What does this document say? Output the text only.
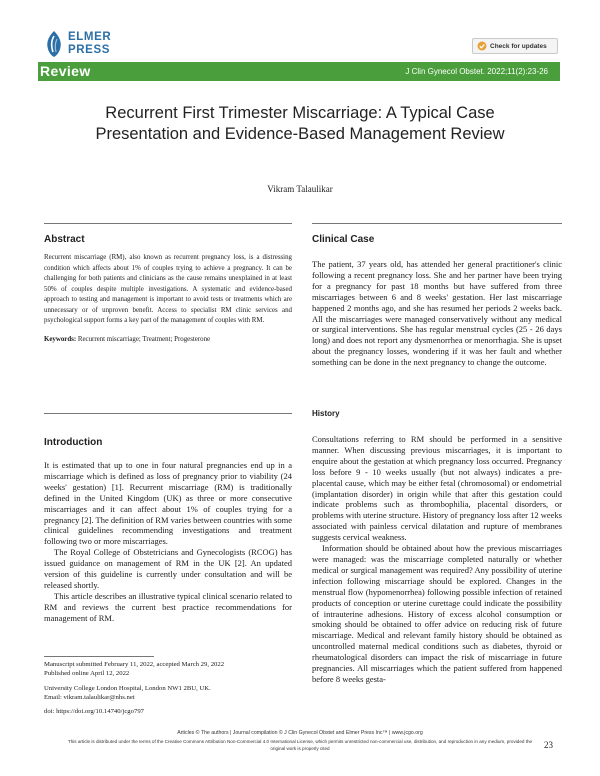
ELMER
PRESS	Check for updates
Review	J Clin Gynecol Obstet. 2022;11(2):23-26
Recurrent First Trimester Miscarriage: A Typical Case Presentation and Evidence-Based Management Review
Vikram Talaulikar
Abstract

Recurrent miscarriage (RM), also known as recurrent pregnancy loss, is a distressing condition which affects about 1% of couples trying to achieve a pregnancy. It can be challenging for both patients and clinicians as the cause remains unexplained in at least 50% of couples despite multiple investigations. A systematic and evidence-based approach to testing and management is important to avoid tests or treatments which are unnecessary or of unproven benefit. Access to specialist RM clinic services and psychological support forms a key part of the management of couples with RM.

Keywords: Recurrent miscarriage; Treatment; Progesterone

Introduction

It is estimated that up to one in four natural pregnancies end up in a miscarriage which is defined as loss of pregnancy prior to viability (24 weeks' gestation) [1]. Recurrent miscarriage (RM) is traditionally defined in the United Kingdom (UK) as three or more consecutive miscarriages and it can affect about 1% of couples trying for a pregnancy [2]. The definition of RM varies between countries with some clinical guidelines recommending investigations and treatment following two or more miscarriages.

The Royal College of Obstetricians and Gynecologists (RCOG) has issued guidance on management of RM in the UK [2]. An updated version of this guideline is currently under consultation and will be released shortly.

This article describes an illustrative typical clinical scenario related to RM and reviews the current best practice recommendations for management of RM.

Manuscript submitted February 11, 2022, accepted March 29, 2022

Published online April 12, 2022

University College London Hospital, London NW1 2BU, UK.

Email: vikram.talaulikar@nhs.net

doi: https://doi.org/10.14740/jcgo797

Clinical Case

The patient, 37 years old, has attended her general practitioner's clinic following a recent pregnancy loss. She and her partner have been trying for a pregnancy for past 18 months but have suffered from three miscarriages between 6 and 8 weeks' gestation. Her last miscarriage happened 2 months ago, and she has resumed her periods 2 weeks back. All the miscarriages were managed conservatively without any medical or surgical interventions. She has regular menstrual cycles (25 - 26 days long) and does not report any dysmenorrhea or menorrhagia. She is upset about the pregnancy losses, wondering if it was her fault and whether something can be done in the next pregnancy to change the outcome.

History

Consultations referring to RM should be performed in a sensitive manner. When discussing previous miscarriages, it is important to enquire about the gestation at which pregnancy loss occurred. Pregnancy loss before 9 - 10 weeks usually (but not always) indicates a pre-placental cause, which may be either fetal (chromosomal) or endometrial (implantation disorder) in origin while that after this gestation could indicate problems such as thrombophilia, placental disorders, or problems with uterine structure. History of pregnancy loss after 12 weeks associated with painless cervical dilatation and rupture of membranes suggests cervical weakness.

Information should be obtained about how the previous miscarriages were managed: was the miscarriage completed naturally or whether medical or surgical management was required? Any possibility of uterine infection following miscarriage should be explored. Changes in the menstrual flow (hypomenorrhea) following possible infection of retained products of conception or uterine curettage could indicate the possibility of intrauterine adhesions. History of excess alcohol consumption or smoking should be obtained to offer advice on reducing risk of future miscarriage. Medical and relevant family history should be obtained as uncontrolled maternal medical conditions such as diabetes, thyroid or rheumatological disorders can impact the risk of miscarriage in future pregnancies. All miscarriages which the patient suffered from happened before 8 weeks gesta-

Articles © The authors | Journal compilation © J Clin Gynecol Obstet and Elmer Press Inc™ | www.jcgo.org
This article is distributed under the terms of the Creative Commons Attribution Non-Commercial 4.0 International License, which permits unrestricted non-commercial use, distribution, and reproduction in any medium, provided the original work is properly cited	23
